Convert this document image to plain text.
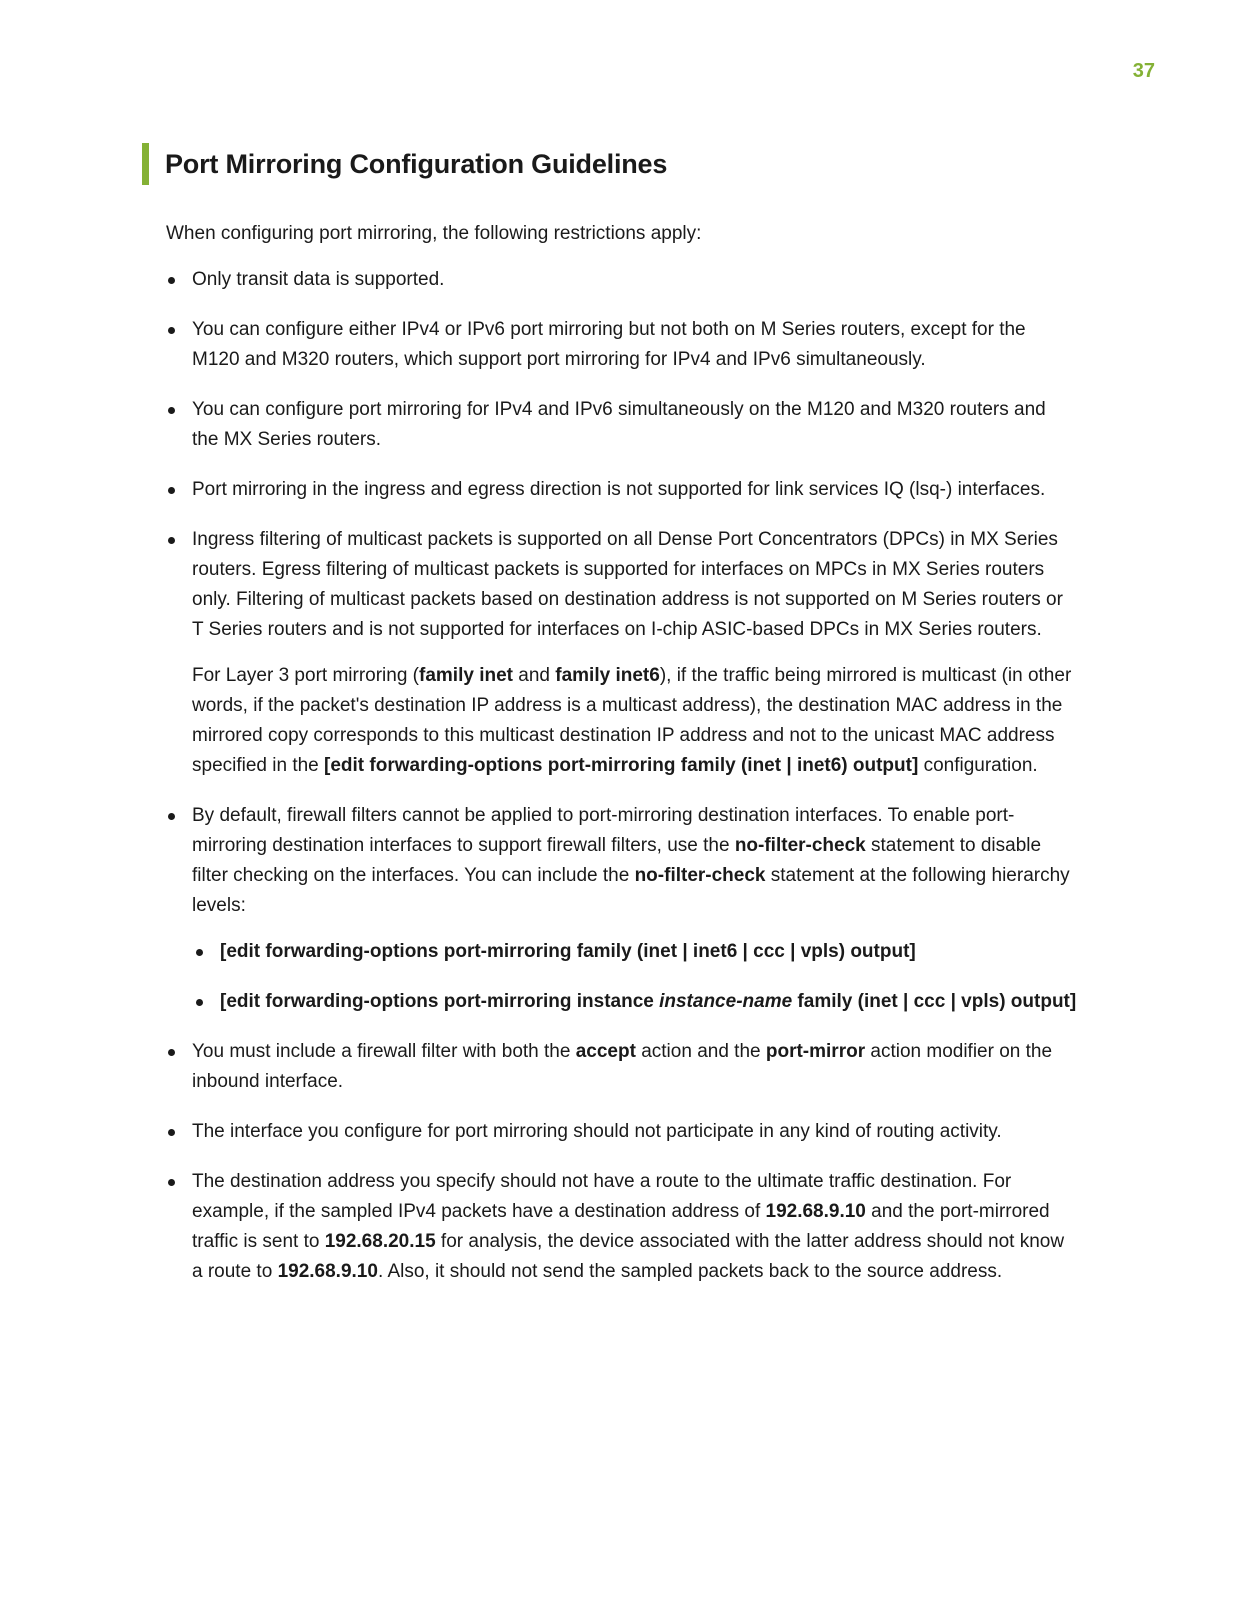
37
Port Mirroring Configuration Guidelines

When configuring port mirroring, the following restrictions apply:

Only transit data is supported.
You can configure either IPv4 or IPv6 port mirroring but not both on M Series routers, except for the M120 and M320 routers, which support port mirroring for IPv4 and IPv6 simultaneously.
You can configure port mirroring for IPv4 and IPv6 simultaneously on the M120 and M320 routers and the MX Series routers.
Port mirroring in the ingress and egress direction is not supported for link services IQ (lsq-) interfaces.
Ingress filtering of multicast packets is supported on all Dense Port Concentrators (DPCs) in MX Series routers. Egress filtering of multicast packets is supported for interfaces on MPCs in MX Series routers only. Filtering of multicast packets based on destination address is not supported on M Series routers or T Series routers and is not supported for interfaces on I-chip ASIC-based DPCs in MX Series routers.
For Layer 3 port mirroring (family inet and family inet6), if the traffic being mirrored is multicast (in other words, if the packet's destination IP address is a multicast address), the destination MAC address in the mirrored copy corresponds to this multicast destination IP address and not to the unicast MAC address specified in the [edit forwarding-options port-mirroring family (inet | inet6) output] configuration.
By default, firewall filters cannot be applied to port-mirroring destination interfaces. To enable port-mirroring destination interfaces to support firewall filters, use the no-filter-check statement to disable filter checking on the interfaces. You can include the no-filter-check statement at the following hierarchy levels:
[edit forwarding-options port-mirroring family (inet | inet6 | ccc | vpls) output]
[edit forwarding-options port-mirroring instance instance-name family (inet | ccc | vpls) output]
You must include a firewall filter with both the accept action and the port-mirror action modifier on the inbound interface.
The interface you configure for port mirroring should not participate in any kind of routing activity.
The destination address you specify should not have a route to the ultimate traffic destination. For example, if the sampled IPv4 packets have a destination address of 192.68.9.10 and the port-mirrored traffic is sent to 192.68.20.15 for analysis, the device associated with the latter address should not know a route to 192.68.9.10. Also, it should not send the sampled packets back to the source address.
